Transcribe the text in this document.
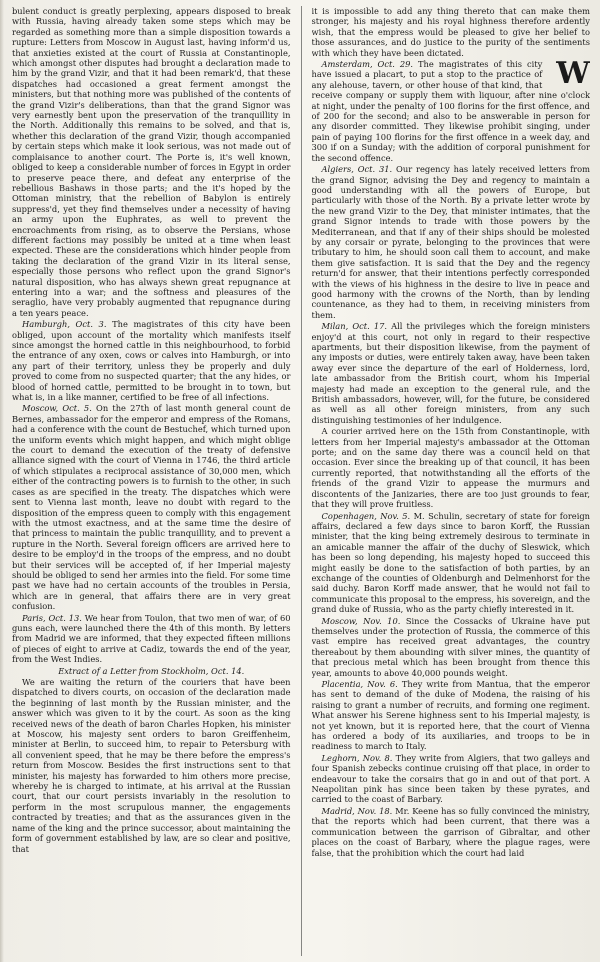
bulent conduct is greatly perplexing, appears disposed to break with Russia, having already taken some steps which may be regarded as something more than a simple disposition towards a rupture: Letters from Moscow in August last, having inform'd us, that anxieties existed at the court of Russia at Constantinople, which amongst other disputes had brought a declaration made to him by the grand Vizir, and that it had been remark'd, that these dispatches had occasioned a great ferment amongst the ministers, but that nothing more was published of the contents of the grand Vizir's deliberations, than that the grand Signor was very earnestly bent upon the preservation of the tranquillity in the North. Additionally this remains to be solved, and that is, whether this declaration of the grand Vizir, though accompanied by certain steps which make it look serious, was not made out of complaisance to another court. The Porte is, it's well known, obliged to keep a considerable number of forces in Egypt in order to preserve peace there, and defeat any enterprise of the rebellious Bashaws in those parts; and the it's hoped by the Ottoman ministry, that the rebellion of Babylon is entirely suppress'd, yet they find themselves under a necessity of having an army upon the Euphrates, as well to prevent the encroachments from rising, as to observe the Persians, whose different factions may possibly be united at a time when least expected. These are the considerations which hinder people from taking the declaration of the grand Vizir in its literal sense, especially those persons who reflect upon the grand Signor's natural disposition, who has always shewn great repugnance at entering into a war; and the softness and pleasures of the seraglio, have very probably augmented that repugnance during a ten years peace.

Hamburgh, Oct. 3. The magistrates of this city have been obliged, upon account of the mortality which manifests itself since amongst the horned cattle in this neighbourhood, to forbid the entrance of any oxen, cows or calves into Hamburgh, or into any part of their territory, unless they be properly and duly proved to come from no suspected quarter; that the any hides, or blood of horned cattle, permitted to be brought in to town, but what is, in a like manner, certified to be free of all infections.

Moscow, Oct. 5. On the 27th of last month general count de Bernes, ambassador for the emperor and empress of the Romans, had a conference with the count de Bestuchef, which turned upon the uniform events which might happen, and which might oblige the court to demand the execution of the treaty of defensive alliance signed with the court of Vienna in 1746, the third article of which stipulates a reciprocal assistance of 30,000 men, which either of the contracting powers is to furnish to the other, in such cases as are specified in the treaty. The dispatches which were sent to Vienna last month, leave no doubt with regard to the disposition of the empress queen to comply with this engagement with the utmost exactness, and at the same time the desire of that princess to maintain the public tranquillity, and to prevent a rupture in the North. Several foreign officers are arrived here to desire to be employ'd in the troops of the empress, and no doubt but their services will be accepted of, if her Imperial majesty should be obliged to send her armies into the field. For some time past we have had no certain accounts of the troubles in Persia, which are in general, that affairs there are in very great confusion.

Paris, Oct. 13. We hear from Toulon, that two men of war, of 60 guns each, were launched there the 4th of this month. By letters from Madrid we are informed, that they expected fifteen millions of pieces of eight to arrive at Cadiz, towards the end of the year, from the West Indies.

Extract of a Letter from Stockholm, Oct. 14.

We are waiting the return of the couriers that have been dispatched to divers courts, on occasion of the declaration made the beginning of last month by the Russian minister, and the answer which was given to it by the court. As soon as the king received news of the death of baron Charles Hopken, his minister at Moscow, his majesty sent orders to baron Greiffenheim, minister at Berlin, to succeed him, to repair to Petersburg with all convenient speed, that he may be there before the empress's return from Moscow. Besides the first instructions sent to that minister, his majesty has forwarded to him others more precise, whereby he is charged to intimate, at his arrival at the Russian court, that our court persists invariably in the resolution to perform in the most scrupulous manner, the engagements contracted by treaties; and that as the assurances given in the name of the king and the prince successor, about maintaining the form of government established by law, are so clear and positive, that

it is impossible to add any thing thereto that can make them stronger, his majesty and his royal highness therefore ardently wish, that the empress would be pleased to give her belief to those assurances, and do justice to the purity of the sentiments with which they have been dictated.

W
Amsterdam, Oct. 29. The magistrates of this city have issued a placart, to put a stop to the practice of any alehouse, tavern, or other house of that kind, that receive company or supply them with liquour, after nine o'clock at night, under the penalty of 100 florins for the first offence, and of 200 for the second; and also to be answerable in person for any disorder committed. They likewise prohibit singing, under pain of paying 100 florins for the first offence in a week day, and 300 if on a Sunday; with the addition of corporal punishment for the second offence.

Algiers, Oct. 31. Our regency has lately received letters from the grand Signor, advising the Dey and regency to maintain a good understanding with all the powers of Europe, but particularly with those of the North. By a private letter wrote by the new grand Vizir to the Dey, that minister intimates, that the grand Signor intends to trade with those powers by the Mediterranean, and that if any of their ships should be molested by any corsair or pyrate, belonging to the provinces that were tributary to him, he should soon call them to account, and make them give satisfaction. It is said that the Dey and the regency return'd for answer, that their intentions perfectly corresponded with the views of his highness in the desire to live in peace and good harmony with the crowns of the North, than by lending countenance, as they had to them, in receiving ministers from them.

Milan, Oct. 17. All the privileges which the foreign ministers enjoy'd at this court, not only in regard to their respective apartments, but their disposition likewise, from the payment of any imposts or duties, were entirely taken away, have been taken away ever since the departure of the earl of Holderness, lord, late ambassador from the British court, whom his Imperial majesty had made an exception to the general rule, and the British ambassadors, however, will, for the future, be considered as well as all other foreign ministers, from any such distinguishing testimonies of her indulgence.

A courier arrived here on the 15th from Constantinople, with letters from her Imperial majesty's ambassador at the Ottoman porte; and on the same day there was a council held on that occasion. Ever since the breaking up of that council, it has been currently reported, that notwithstanding all the efforts of the friends of the grand Vizir to appease the murmurs and discontents of the Janizaries, there are too just grounds to fear, that they will prove fruitless.

Copenhagen, Nov. 5. M. Schulin, secretary of state for foreign affairs, declared a few days since to baron Korff, the Russian minister, that the king being extremely desirous to terminate in an amicable manner the affair of the duchy of Sleswick, which has been so long depending, his majesty hoped to succeed this might easily be done to the satisfaction of both parties, by an exchange of the counties of Oldenburgh and Delmenhorst for the said duchy. Baron Korff made answer, that he would not fail to communicate this proposal to the empress, his sovereign, and the grand duke of Russia, who as the party chiefly interested in it.

Moscow, Nov. 10. Since the Cossacks of Ukraine have put themselves under the protection of Russia, the commerce of this vast empire has received great advantages, the country thereabout by them abounding with silver mines, the quantity of that precious metal which has been brought from thence this year, amounts to above 40,000 pounds weight.

Placentia, Nov. 6. They write from Mantua, that the emperor has sent to demand of the duke of Modena, the raising of his raising to grant a number of recruits, and forming one regiment. What answer his Serene highness sent to his Imperial majesty, is not yet known, but it is reported here, that the court of Vienna has ordered a body of its auxiliaries, and troops to be in readiness to march to Italy.

Leghorn, Nov. 8. They write from Algiers, that two galleys and four Spanish zebecks continue cruising off that place, in order to endeavour to take the corsairs that go in and out of that port. A Neapolitan pink has since been taken by these pyrates, and carried to the coast of Barbary.

Madrid, Nov. 18. Mr. Keene has so fully convinced the ministry, that the reports which had been current, that there was a communication between the garrison of Gibraltar, and other places on the coast of Barbary, where the plague rages, were false, that the prohibition which the court had laid
